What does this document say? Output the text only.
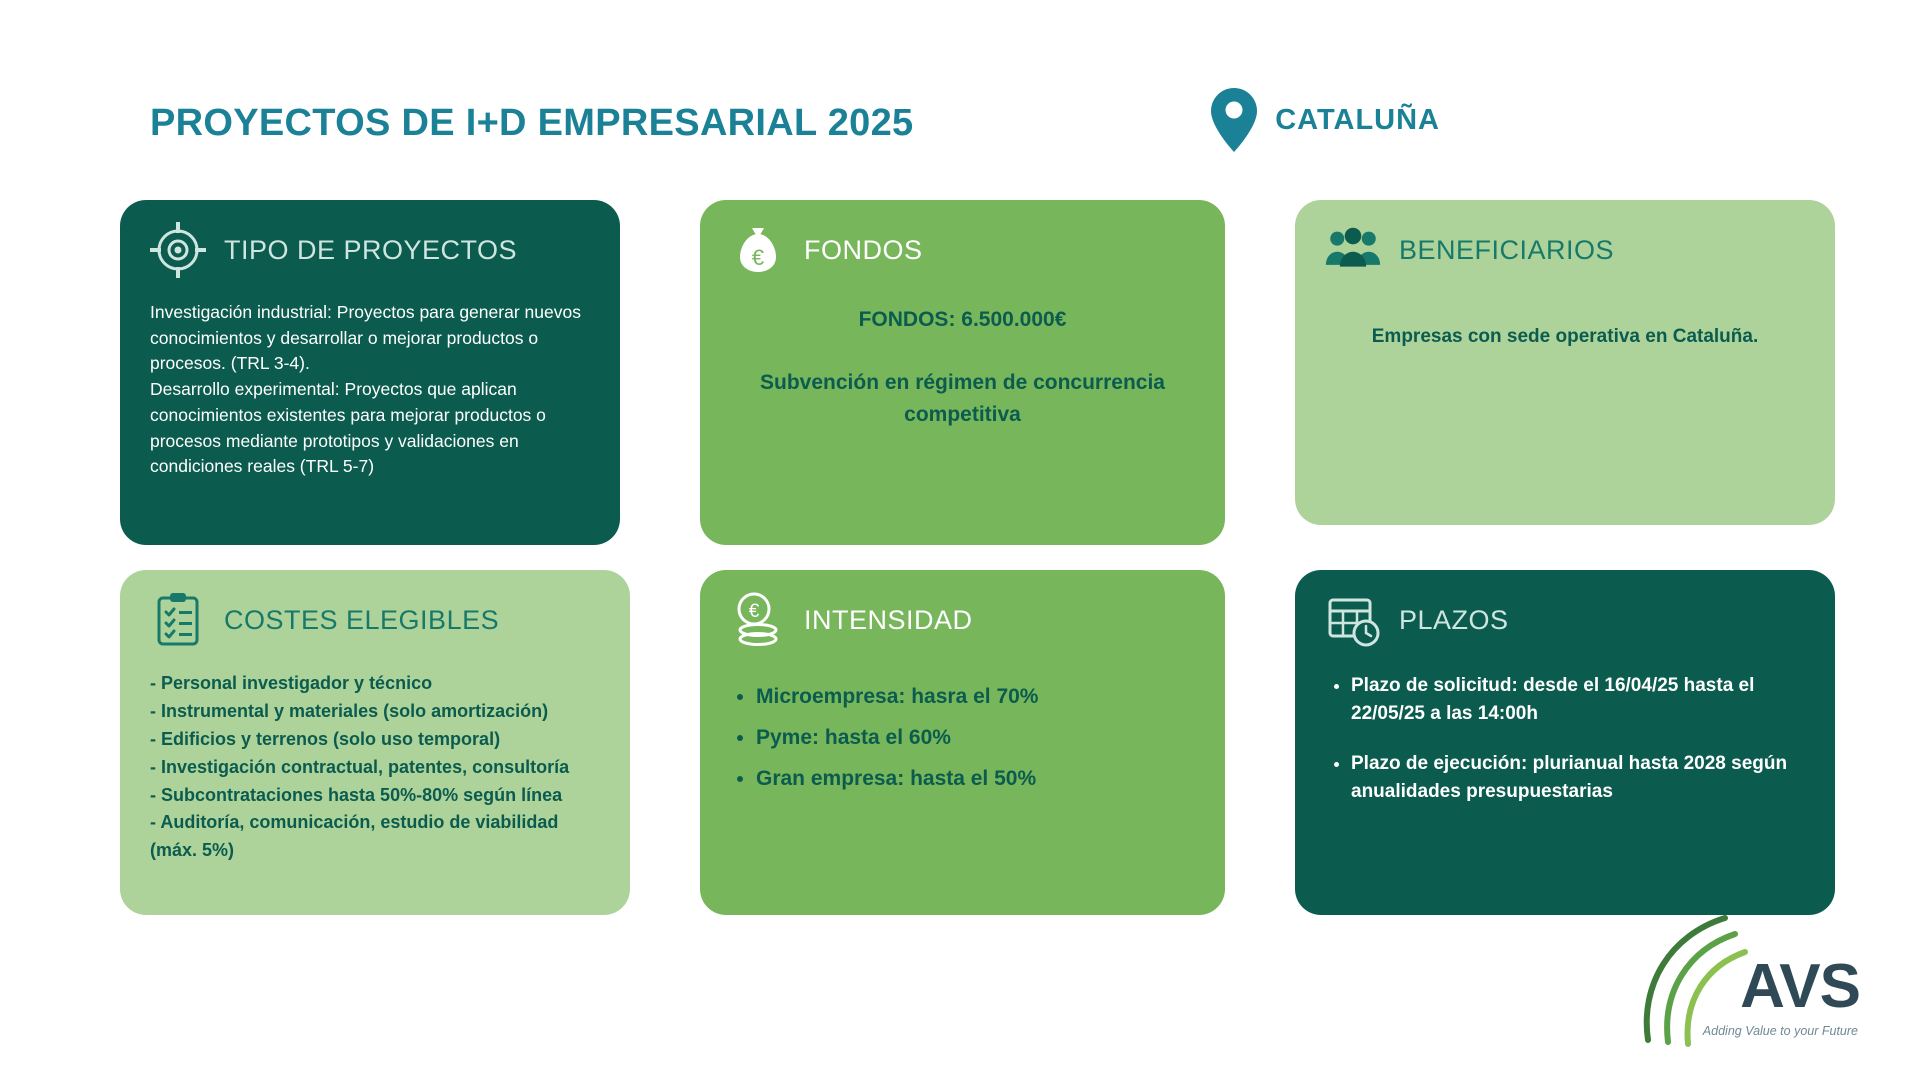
PROYECTOS DE I+D EMPRESARIAL 2025	CATALUÑA
TIPO DE PROYECTOS

Investigación industrial: Proyectos para generar nuevos conocimientos y desarrollar o mejorar productos o procesos. (TRL 3-4).

Desarrollo experimental: Proyectos que aplican conocimientos existentes para mejorar productos o procesos mediante prototipos y validaciones en condiciones reales (TRL 5-7)

€ FONDOS

FONDOS: 6.500.000€

Subvención en régimen de concurrencia competitiva

BENEFICIARIOS

Empresas con sede operativa en Cataluña.

COSTES ELEGIBLES

- Personal investigador y técnico

- Instrumental y materiales (solo amortización)

- Edificios y terrenos (solo uso temporal)

- Investigación contractual, patentes, consultoría

- Subcontrataciones hasta 50%-80% según línea

- Auditoría, comunicación, estudio de viabilidad (máx. 5%)

€ INTENSIDAD
• Microempresa: hasra el 70%
• Pyme: hasta el 60%
• Gran empresa: hasta el 50%
PLAZOS
• Plazo de solicitud: desde el 16/04/25 hasta el 22/05/25 a las 14:00h
• Plazo de ejecución: plurianual hasta 2028 según anualidades presupuestarias
AVS
Adding Value to your Future
